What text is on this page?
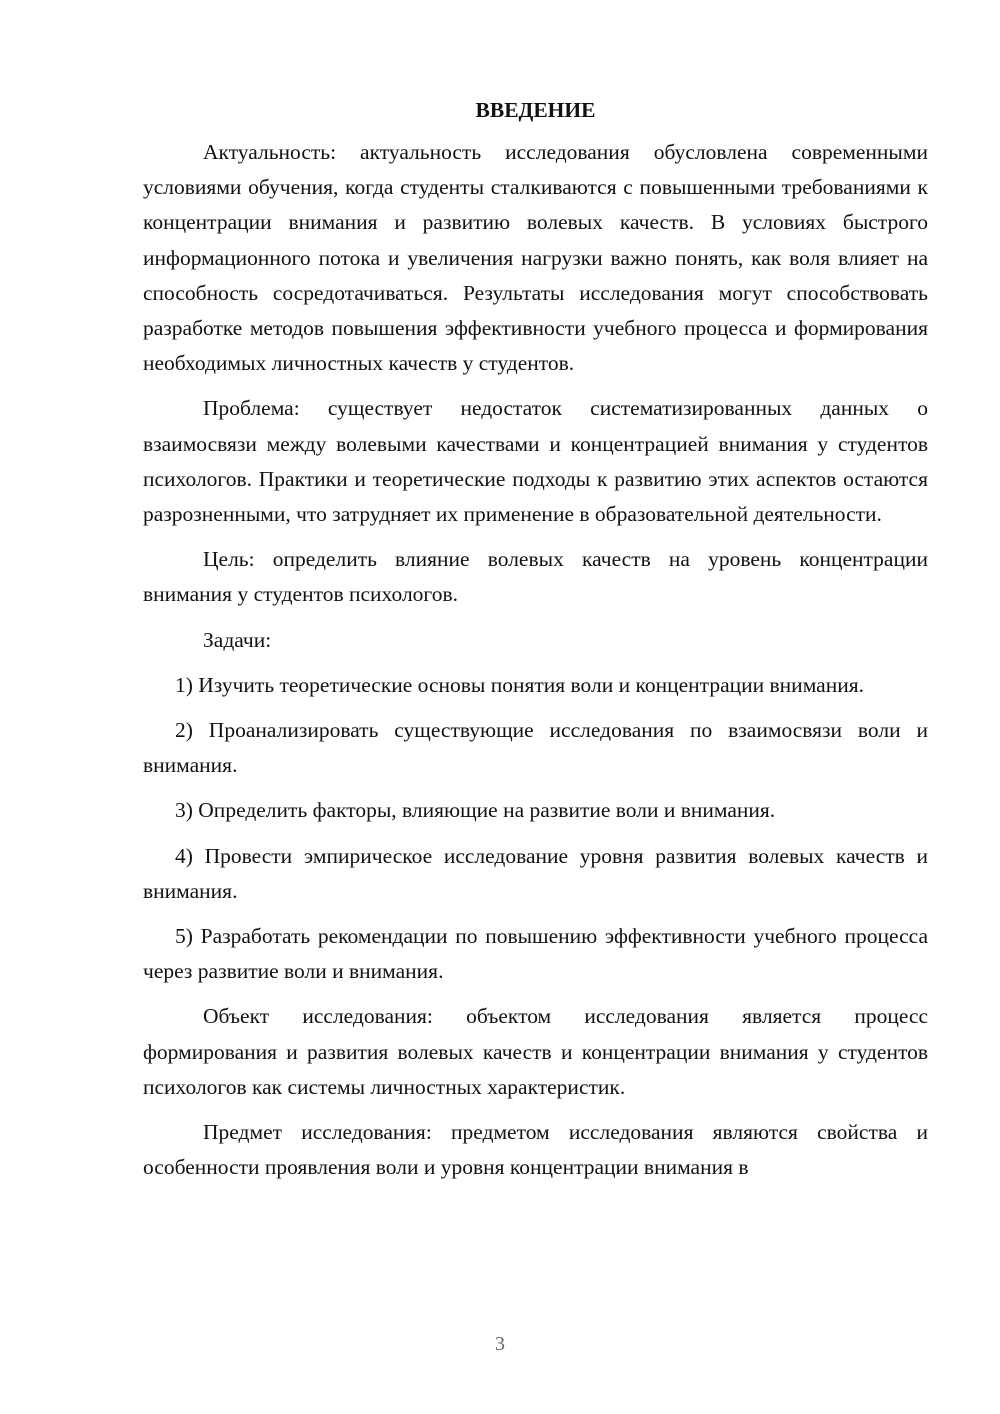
ВВЕДЕНИЕ

Актуальность: актуальность исследования обусловлена современными условиями обучения, когда студенты сталкиваются с повышенными требованиями к концентрации внимания и развитию волевых качеств. В условиях быстрого информационного потока и увеличения нагрузки важно понять, как воля влияет на способность сосредотачиваться. Результаты исследования могут способствовать разработке методов повышения эффективности учебного процесса и формирования необходимых личностных качеств у студентов.

Проблема: существует недостаток систематизированных данных о взаимосвязи между волевыми качествами и концентрацией внимания у студентов психологов. Практики и теоретические подходы к развитию этих аспектов остаются разрозненными, что затрудняет их применение в образовательной деятельности.

Цель: определить влияние волевых качеств на уровень концентрации внимания у студентов психологов.

Задачи:

1) Изучить теоретические основы понятия воли и концентрации внимания.

2) Проанализировать существующие исследования по взаимосвязи воли и внимания.

3) Определить факторы, влияющие на развитие воли и внимания.

4) Провести эмпирическое исследование уровня развития волевых качеств и внимания.

5) Разработать рекомендации по повышению эффективности учебного процесса через развитие воли и внимания.

Объект исследования: объектом исследования является процесс формирования и развития волевых качеств и концентрации внимания у студентов психологов как системы личностных характеристик.

Предмет исследования: предметом исследования являются свойства и особенности проявления воли и уровня концентрации внимания в

3
